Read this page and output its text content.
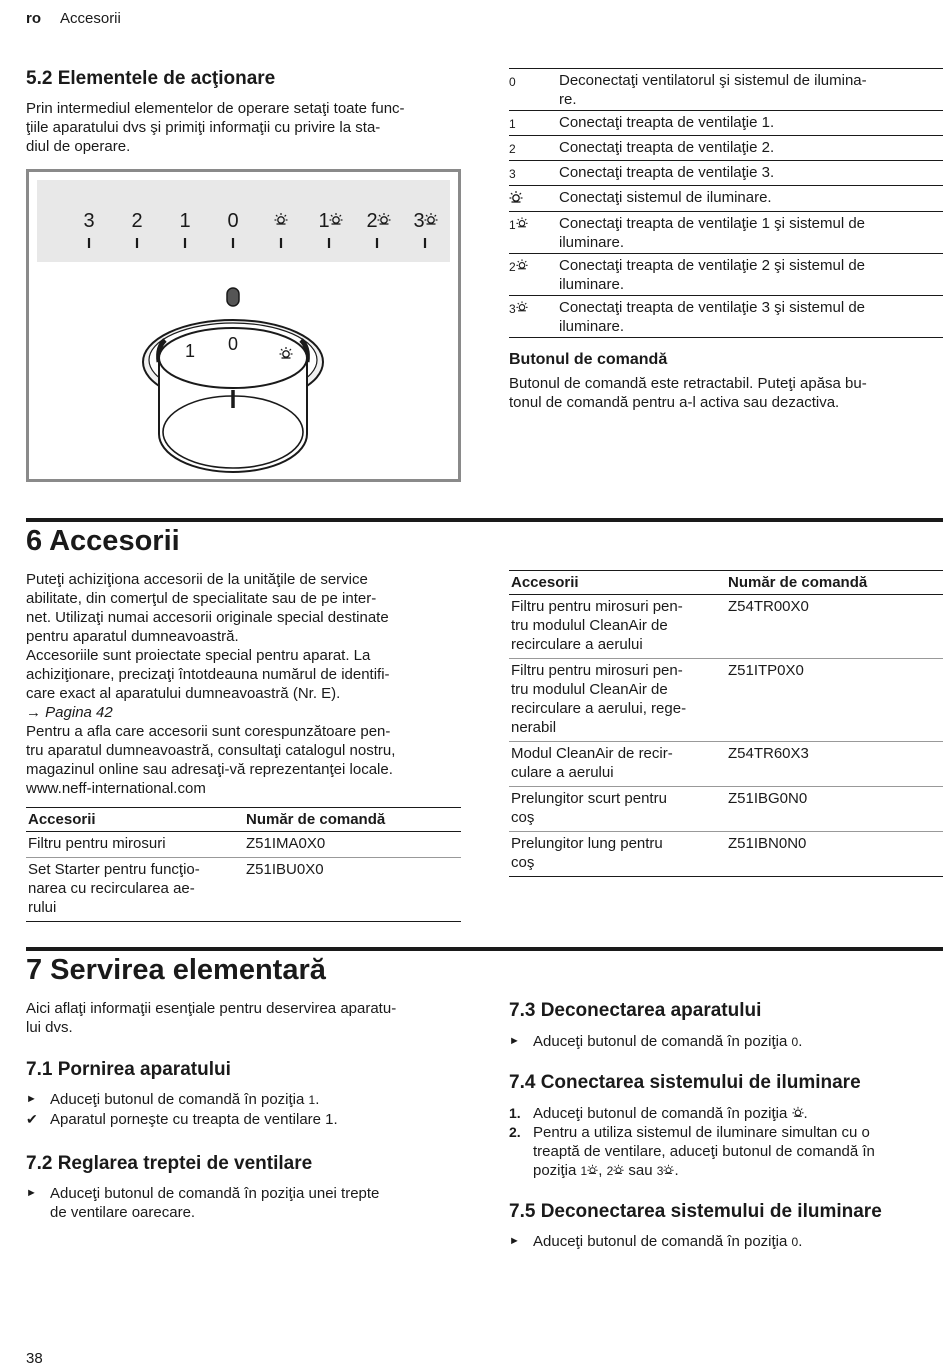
ro Accesorii
5.2 Elementele de acţionare

Prin intermediul elementelor de operare setaţi toate func-

ţiile aparatului dvs şi primiţi informaţii cu privire la sta-

diul de operare.

3 2 1 0	1 2 3
1 0
0	Deconectaţi ventilatorul şi sistemul de ilumina-
re.
1	Conectaţi treapta de ventilaţie 1.
2	Conectaţi treapta de ventilaţie 2.
3	Conectaţi treapta de ventilaţie 3.
Conectaţi sistemul de iluminare.
1	Conectaţi treapta de ventilaţie 1 şi sistemul de
iluminare.
2	Conectaţi treapta de ventilaţie 2 şi sistemul de
iluminare.
3	Conectaţi treapta de ventilaţie 3 şi sistemul de
iluminare.
Butonul de comandă

Butonul de comandă este retractabil. Puteţi apăsa bu-

tonul de comandă pentru a-l activa sau dezactiva.

6 Accesorii

Puteţi achiziţiona accesorii de la unităţile de service

abilitate, din comerţul de specialitate sau de pe inter-

net. Utilizaţi numai accesorii originale special destinate

pentru aparatul dumneavoastră.

Accesoriile sunt proiectate special pentru aparat. La

achiziţionare, precizaţi întotdeauna numărul de identifi-

care exact al aparatului dumneavoastră (Nr. E).

→ Pagina 42

Pentru a afla care accesorii sunt corespunzătoare pen-

tru aparatul dumneavoastră, consultaţi catalogul nostru,

magazinul online sau adresaţi-vă reprezentanţei locale.

www.neff-international.com

Accesorii	Număr de comandă

Filtru pentru mirosuri	Z51IMA0X0

Set Starter pentru funcţio-
narea cu recircularea ae-
rului	Z51IBU0X0
Accesorii	Număr de comandă

Filtru pentru mirosuri pen-
tru modulul CleanAir de
recirculare a aerului	Z54TR00X0

Filtru pentru mirosuri pen-
tru modulul CleanAir de
recirculare a aerului, rege-
nerabil	Z51ITP0X0

Modul CleanAir de recir-
culare a aerului	Z54TR60X3

Prelungitor scurt pentru
coş	Z51IBG0N0

Prelungitor lung pentru
coş	Z51IBN0N0
7 Servirea elementară

Aici aflaţi informaţii esenţiale pentru deservirea aparatu-

lui dvs.

7.1 Pornirea aparatului
► Aduceţi butonul de comandă în poziţia 1.
✔ Aparatul porneşte cu treapta de ventilare 1.
7.2 Reglarea treptei de ventilare
► Aduceţi butonul de comandă în poziţia unei trepte
de ventilare oarecare.
7.3 Deconectarea aparatului
► Aduceţi butonul de comandă în poziţia 0.
7.4 Conectarea sistemului de iluminare
1. Aduceţi butonul de comandă în poziţia .
2. Pentru a utiliza sistemul de iluminare simultan cu o
treaptă de ventilare, aduceţi butonul de comandă în
poziţia 1 , 2 sau 3 .
7.5 Deconectarea sistemului de iluminare
► Aduceţi butonul de comandă în poziţia 0.
38
